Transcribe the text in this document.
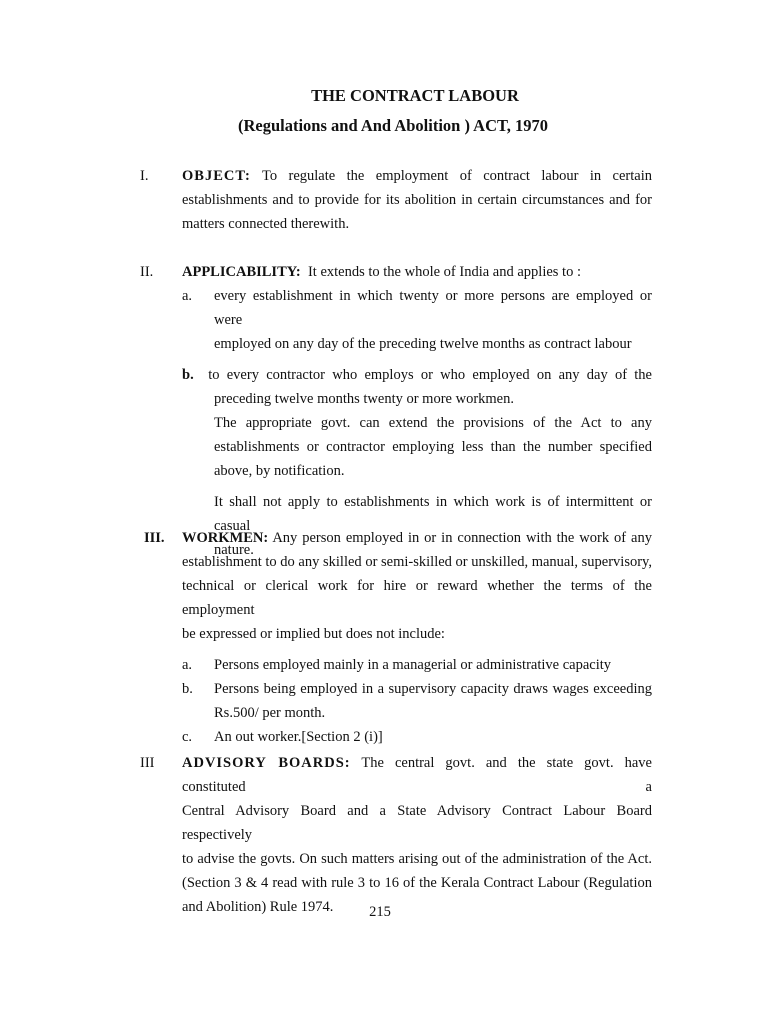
THE CONTRACT LABOUR
(Regulations and And Abolition ) ACT, 1970
I. OBJECT: To regulate the employment of contract labour in certain
establishments and to provide for its abolition in certain circumstances and for
matters connected therewith.
II. APPLICABILITY: It extends to the whole of India and applies to :
a. every establishment in which twenty or more persons are employed or were
employed on any day of the preceding twelve months as contract labour
b. to every contractor who employs or who employed on any day of the
preceding twelve months twenty or more workmen.
The appropriate govt. can extend the provisions of the Act to any
establishments or contractor employing less than the number specified
above, by notification.
It shall not apply to establishments in which work is of intermittent or casual
nature.
III. WORKMEN: Any person employed in or in connection with the work of any
establishment to do any skilled or semi-skilled or unskilled, manual, supervisory,
technical or clerical work for hire or reward whether the terms of the employment
be expressed or implied but does not include:
a. Persons employed mainly in a managerial or administrative capacity
b. Persons being employed in a supervisory capacity draws wages exceeding
Rs.500/ per month.
c. An out worker.[Section 2 (i)]
III ADVISORY BOARDS: The central govt. and the state govt. have constituted a
Central Advisory Board and a State Advisory Contract Labour Board respectively
to advise the govts. On such matters arising out of the administration of the Act.
(Section 3 & 4 read with rule 3 to 16 of the Kerala Contract Labour (Regulation
and Abolition) Rule 1974.	215
